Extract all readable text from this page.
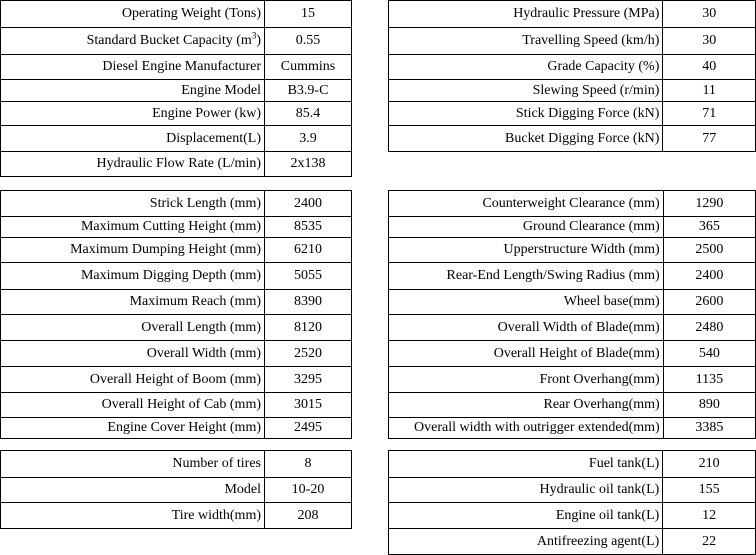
Operating Weight (Tons)	15
Standard Bucket Capacity $(m^3)$	0.55
Diesel Engine Manufacturer	Cummins
Engine Model	B3.9-C
Engine Power (kw)	85.4
Displacement(L)	3.9
Hydraulic Flow Rate (L/min)	2x138
Hydraulic Pressure (MPa)	30
Travelling Speed (km/h)	30
Grade Capacity (%)	40
Slewing Speed (r/min)	11
Stick Digging Force (kN)	71
Bucket Digging Force (kN)	77
Strick Length (mm)	2400
Maximum Cutting Height (mm)	8535
Maximum Dumping Height (mm)	6210
Maximum Digging Depth (mm)	5055
Maximum Reach (mm)	8390
Overall Length (mm)	8120
Overall Width (mm)	2520
Overall Height of Boom (mm)	3295
Overall Height of Cab (mm)	3015
Engine Cover Height (mm)	2495
Counterweight Clearance (mm)	1290
Ground Clearance (mm)	365
Upperstructure Width (mm)	2500
Rear-End Length/Swing Radius (mm)	2400
Wheel base(mm)	2600
Overall Width of Blade(mm)	2480
Overall Height of Blade(mm)	540
Front Overhang(mm)	1135
Rear Overhang(mm)	890
Overall width with outrigger extended(mm)	3385
Number of tires	8
Model	10-20
Tire width(mm)	208
Fuel tank(L)	210
Hydraulic oil tank(L)	155
Engine oil tank(L)	12
Antifreezing agent(L)	22
